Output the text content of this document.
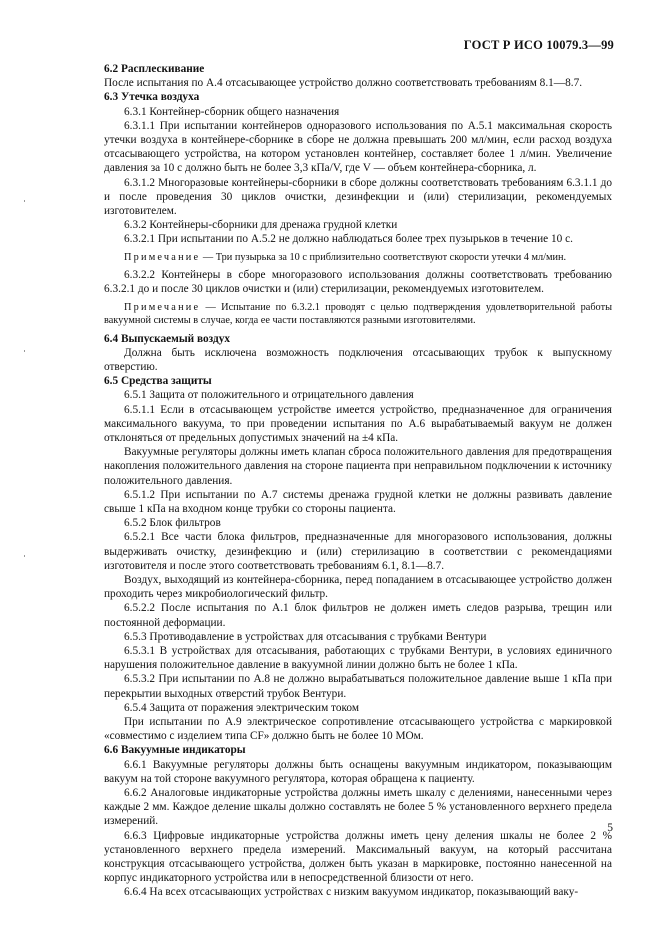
ГОСТ Р ИСО 10079.3—99

6.2 Расплескивание

После испытания по А.4 отсасывающее устройство должно соответствовать требованиям 8.1—8.7.

6.3 Утечка воздуха

6.3.1 Контейнер-сборник общего назначения

6.3.1.1 При испытании контейнеров одноразового использования по А.5.1 максимальная скорость утечки воздуха в контейнере-сборнике в сборе не должна превышать 200 мл/мин, если расход воздуха отсасывающего устройства, на котором установлен контейнер, составляет более 1 л/мин. Увеличение давления за 10 с должно быть не более 3,3 кПа/V, где V — объем контейнера-сборника, л.

6.3.1.2 Многоразовые контейнеры-сборники в сборе должны соответствовать требованиям 6.3.1.1 до и после проведения 30 циклов очистки, дезинфекции и (или) стерилизации, рекомендуемых изготовителем.

6.3.2 Контейнеры-сборники для дренажа грудной клетки

6.3.2.1 При испытании по А.5.2 не должно наблюдаться более трех пузырьков в течение 10 с.

Примечание — Три пузырька за 10 с приблизительно соответствуют скорости утечки 4 мл/мин.

6.3.2.2 Контейнеры в сборе многоразового использования должны соответствовать требованию 6.3.2.1 до и после 30 циклов очистки и (или) стерилизации, рекомендуемых изготовителем.

Примечание — Испытание по 6.3.2.1 проводят с целью подтверждения удовлетворительной работы вакуумной системы в случае, когда ее части поставляются разными изготовителями.

6.4 Выпускаемый воздух

Должна быть исключена возможность подключения отсасывающих трубок к выпускному отверстию.

6.5 Средства защиты

6.5.1 Защита от положительного и отрицательного давления

6.5.1.1 Если в отсасывающем устройстве имеется устройство, предназначенное для ограничения максимального вакуума, то при проведении испытания по А.6 вырабатываемый вакуум не должен отклоняться от предельных допустимых значений на ±4 кПа.

Вакуумные регуляторы должны иметь клапан сброса положительного давления для предотвращения накопления положительного давления на стороне пациента при неправильном подключении к источнику положительного давления.

6.5.1.2 При испытании по А.7 системы дренажа грудной клетки не должны развивать давление свыше 1 кПа на входном конце трубки со стороны пациента.

6.5.2 Блок фильтров

6.5.2.1 Все части блока фильтров, предназначенные для многоразового использования, должны выдерживать очистку, дезинфекцию и (или) стерилизацию в соответствии с рекомендациями изготовителя и после этого соответствовать требованиям 6.1, 8.1—8.7.

Воздух, выходящий из контейнера-сборника, перед попаданием в отсасывающее устройство должен проходить через микробиологический фильтр.

6.5.2.2 После испытания по А.1 блок фильтров не должен иметь следов разрыва, трещин или постоянной деформации.

6.5.3 Противодавление в устройствах для отсасывания с трубками Вентури

6.5.3.1 В устройствах для отсасывания, работающих с трубками Вентури, в условиях единичного нарушения положительное давление в вакуумной линии должно быть не более 1 кПа.

6.5.3.2 При испытании по А.8 не должно вырабатываться положительное давление выше 1 кПа при перекрытии выходных отверстий трубок Вентури.

6.5.4 Защита от поражения электрическим током

При испытании по А.9 электрическое сопротивление отсасывающего устройства с маркировкой «совместимо с изделием типа CF» должно быть не более 10 МОм.

6.6 Вакуумные индикаторы

6.6.1 Вакуумные регуляторы должны быть оснащены вакуумным индикатором, показывающим вакуум на той стороне вакуумного регулятора, которая обращена к пациенту.

6.6.2 Аналоговые индикаторные устройства должны иметь шкалу с делениями, нанесенными через каждые 2 мм. Каждое деление шкалы должно составлять не более 5 % установленного верхнего предела измерений.

6.6.3 Цифровые индикаторные устройства должны иметь цену деления шкалы не более 2 % установленного верхнего предела измерений. Максимальный вакуум, на который рассчитана конструкция отсасывающего устройства, должен быть указан в маркировке, постоянно нанесенной на корпус индикаторного устройства или в непосредственной близости от него.

6.6.4 На всех отсасывающих устройствах с низким вакуумом индикатор, показывающий ваку-

5
